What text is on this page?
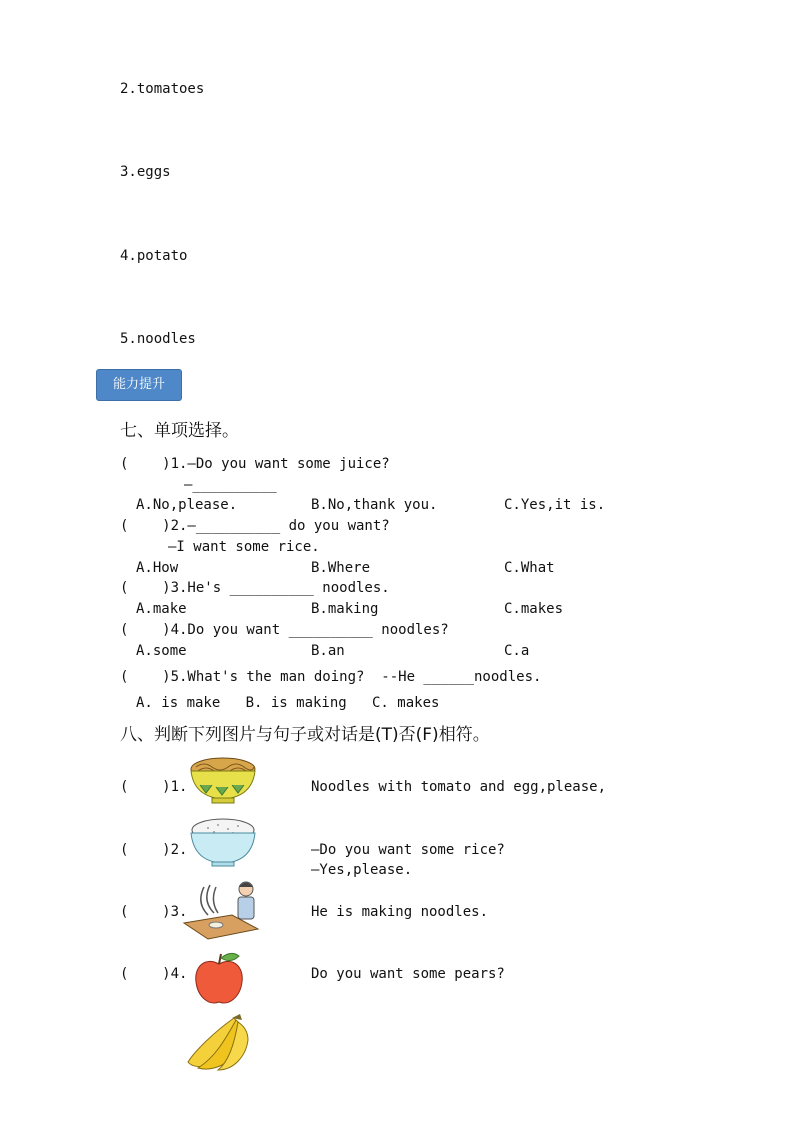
2.tomatoes
3.eggs
4.potato
5.noodles
能力提升
七、单项选择。
(    )1.—Do you want some juice?
—__________
A.No,please.	B.No,thank you.	C.Yes,it is.
(    )2.—__________ do you want?
—I want some rice.
A.How	B.Where	C.What
(    )3.He's __________ noodles.
A.make	B.making	C.makes
(    )4.Do you want __________ noodles?
A.some	B.an	C.a
(    )5.What's the man doing?  --He ______noodles.
A. is make   B. is making   C. makes
八、判断下列图片与句子或对话是(T)否(F)相符。
(    )1.	Noodles with tomato and egg,please,
(    )2.	—Do you want some rice?
—Yes,please.
(    )3.	He is making noodles.
(    )4.	Do you want some pears?
